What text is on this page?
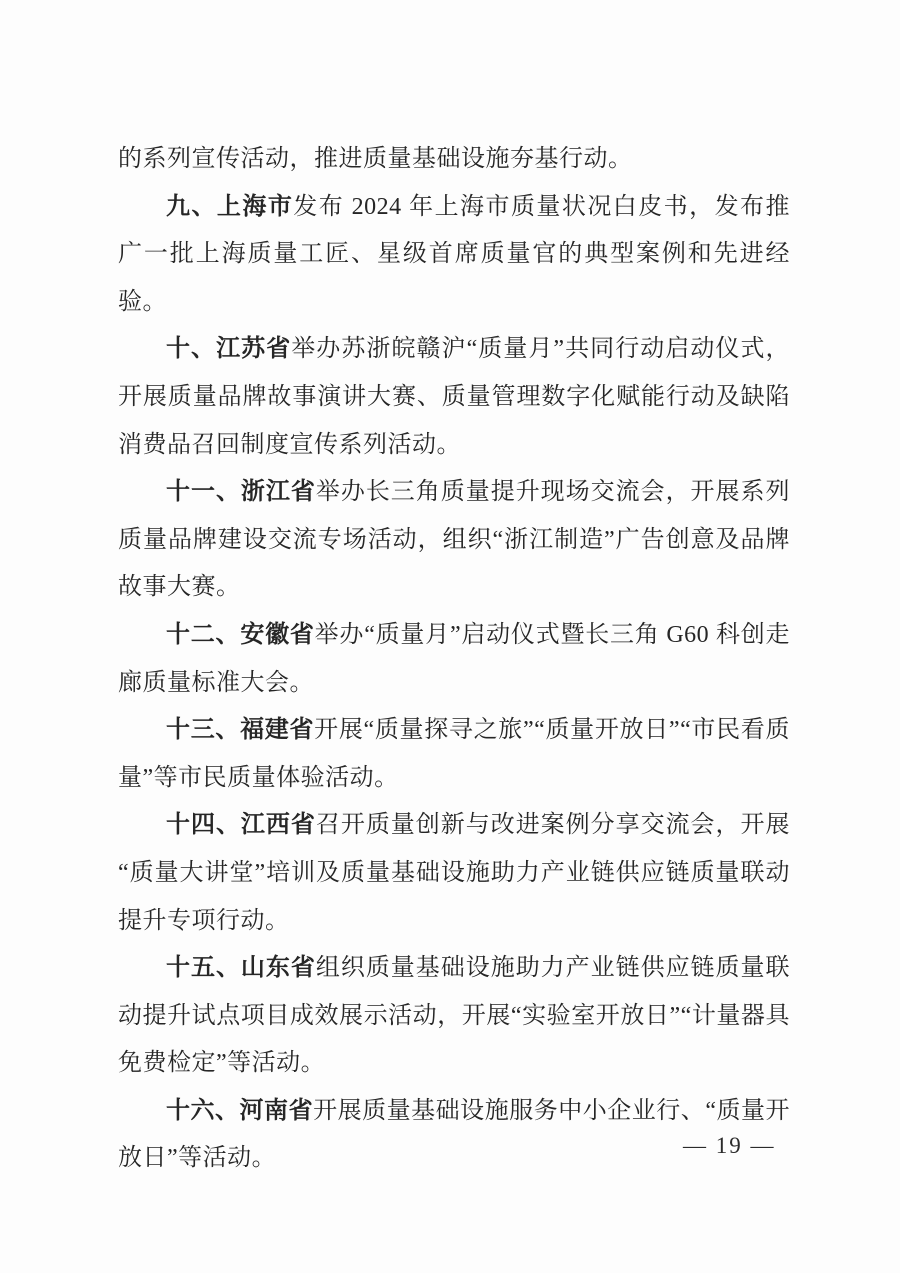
的系列宣传活动，推进质量基础设施夯基行动。

九、上海市发布 2024 年上海市质量状况白皮书，发布推广一批上海质量工匠、星级首席质量官的典型案例和先进经验。

十、江苏省举办苏浙皖赣沪“质量月”共同行动启动仪式，开展质量品牌故事演讲大赛、质量管理数字化赋能行动及缺陷消费品召回制度宣传系列活动。

十一、浙江省举办长三角质量提升现场交流会，开展系列质量品牌建设交流专场活动，组织“浙江制造”广告创意及品牌故事大赛。

十二、安徽省举办“质量月”启动仪式暨长三角 G60 科创走廊质量标准大会。

十三、福建省开展“质量探寻之旅”“质量开放日”“市民看质量”等市民质量体验活动。

十四、江西省召开质量创新与改进案例分享交流会，开展“质量大讲堂”培训及质量基础设施助力产业链供应链质量联动提升专项行动。

十五、山东省组织质量基础设施助力产业链供应链质量联动提升试点项目成效展示活动，开展“实验室开放日”“计量器具免费检定”等活动。

十六、河南省开展质量基础设施服务中小企业行、“质量开放日”等活动。	— 19 —
